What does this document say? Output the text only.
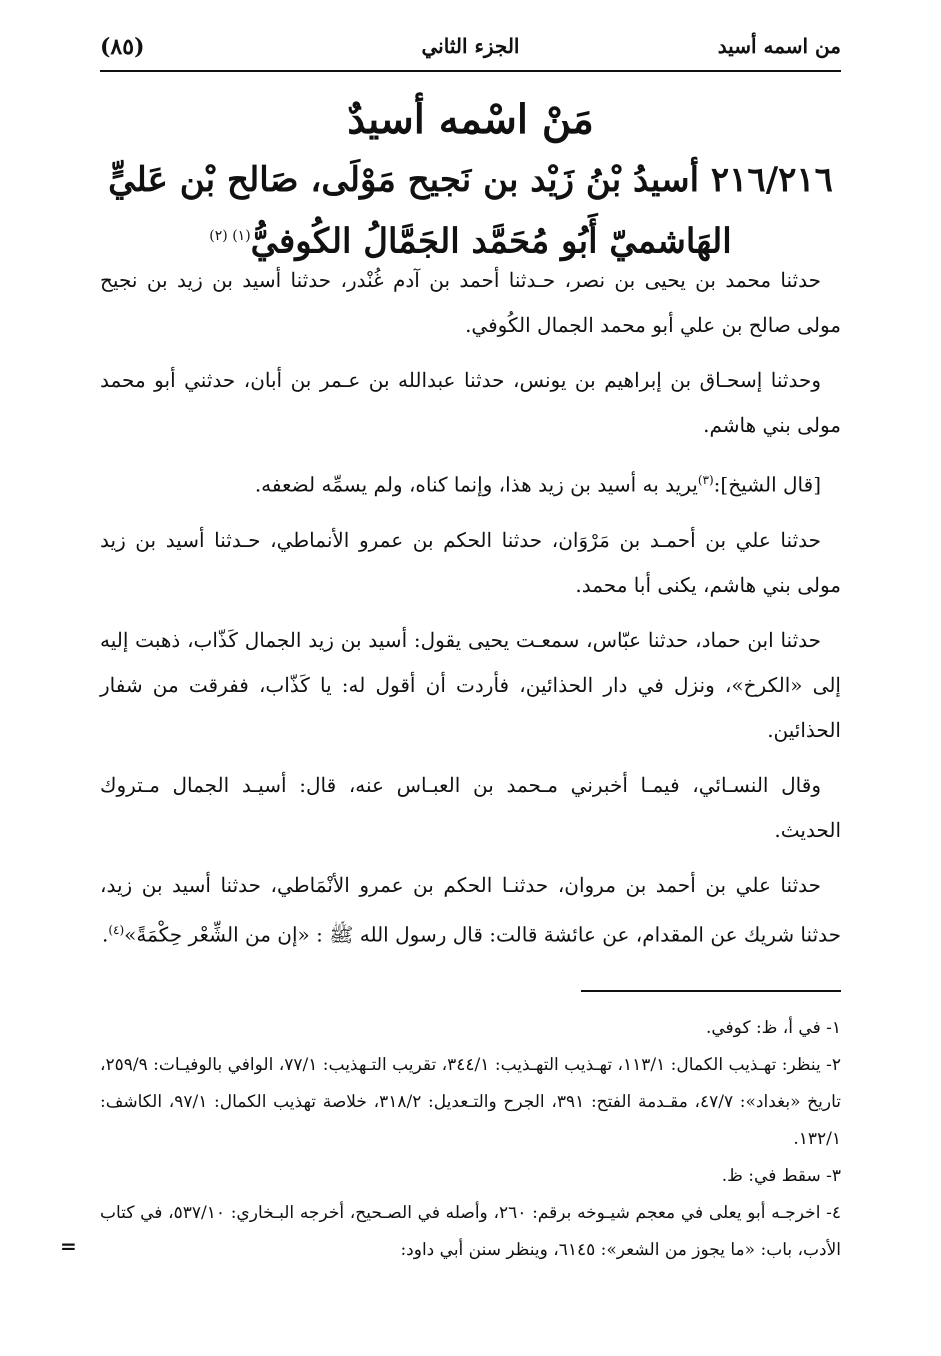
من اسمه أسيد
الجزء الثاني
(٨٥)
مَنْ اسْمه أسيدٌ
٢١٦/٢١٦ أسيدُ بْنُ زَيْد بن نَجيح مَوْلَى، صَالح بْن عَليٍّ
الهَاشميّ أَبُو مُحَمَّد الجَمَّالُ الكُوفيُّ$^{(١) (٢)}$

حدثنا محمد بن يحيى بن نصر، حـدثنا أحمد بن آدم غُنْدر، حدثنا أسيد بن زيد بن نجيح مولى صالح بن علي أبو محمد الجمال الكُوفي.

وحدثنا إسحـاق بن إبراهيم بن يونس، حدثنا عبدالله بن عـمر بن أبان، حدثني أبو محمد مولى بني هاشم.

[قال الشيخ]:$^{(٣)}$يريد به أسيد بن زيد هذا، وإنما كناه، ولم يسمِّه لضعفه.

حدثنا علي بن أحمـد بن مَرْوَان، حدثنا الحكم بن عمرو الأنماطي، حـدثنا أسيد بن زيد مولى بني هاشم، يكنى أبا محمد.

حدثنا ابن حماد، حدثنا عبّاس، سمعـت يحيى يقول: أسيد بن زيد الجمال كَذّاب، ذهبت إليه إلى «الكرخ»، ونزل في دار الحذائين، فأردت أن أقول له: يا كَذّاب، ففرقت من شفار الحذائين.

وقال النسـائي، فيمـا أخبرني مـحمد بن العبـاس عنه، قال: أسيـد الجمال مـتروك الحديث.

حدثنا علي بن أحمد بن مروان، حدثنـا الحكم بن عمرو الأنْمَاطي، حدثنا أسيد بن زيد، حدثنا شريك عن المقدام، عن عائشة قالت: قال رسول الله ﷺ : «إن من الشِّعْر حِكْمَةً»$^{(٤)}$.

١- في أ، ظ: كوفي.

٢- ينظر: تهـذيب الكمال: ١١٣/١، تهـذيب التهـذيب: ٣٤٤/١، تقريب التـهذيب: ٧٧/١، الوافي بالوفيـات: ٢٥٩/٩، تاريخ «بغداد»: ٤٧/٧، مقـدمة الفتح: ٣٩١، الجرح والتـعديل: ٣١٨/٢، خلاصة تهذيب الكمال: ٩٧/١، الكاشف: ١٣٢/١.

٣- سقط في: ظ.

٤- اخرجـه أبو يعلى في معجم شيـوخه برقم: ٢٦٠، وأصله في الصـحيح، أخرجه البـخاري: ٥٣٧/١٠، في كتاب الأدب، باب: «ما يجوز من الشعر»: ٦١٤٥، وينظر سنن أبي داود:

=
